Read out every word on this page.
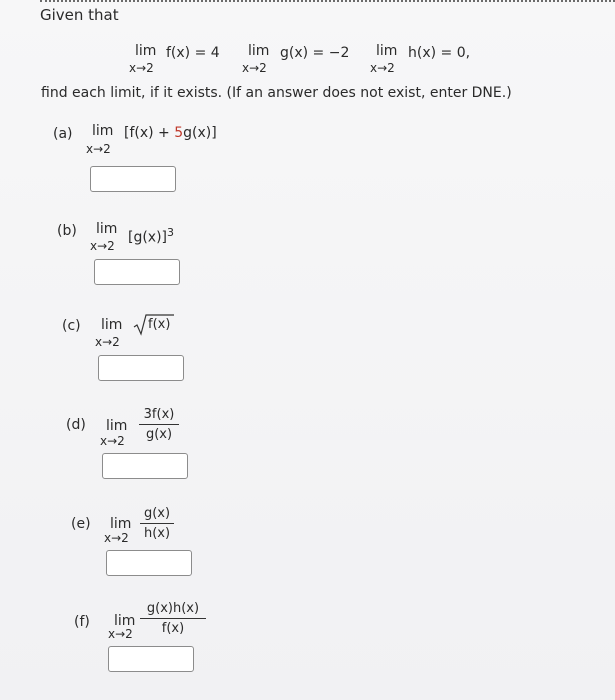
Given that
lim
x→2
f(x) = 4 lim
x→2
g(x) = −2 lim
x→2
h(x) = 0,
find each limit, if it exists. (If an answer does not exist, enter DNE.)
(a) lim
x→2
[f(x) + 5g(x)]
(b) lim
x→2
$[g(x)]^3$
(c) lim
x→2
f(x)
(d) lim
x→2
3f(x)
g(x)
(e) lim
x→2
g(x)
h(x)
(f) lim
x→2
g(x)h(x)
f(x)
